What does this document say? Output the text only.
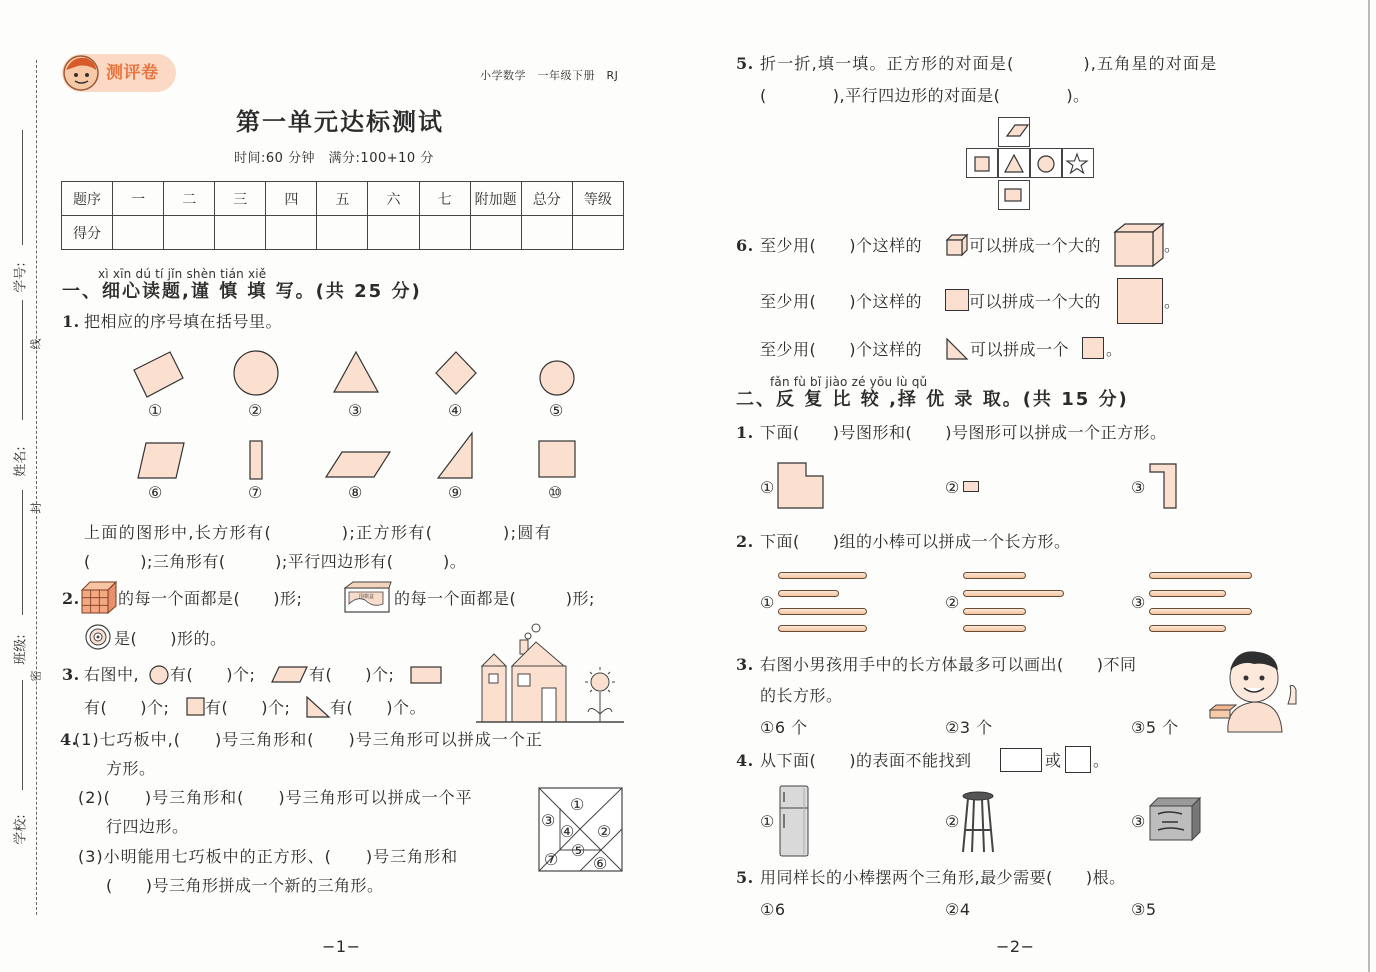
学号:
线
姓名:
封
班级:
密
学校:
测评卷	小学数学　一年级下册　RJ
第一单元达标测试
时间:60 分钟　满分:100+10 分
题序	一	二	三	四	五	六	七	附加题	总分	等级
得分										
xì xīn dú tí jǐn shèn tián xiě
一、细心读题,谨 慎 填 写。(共 25 分)
1. 把相应的序号填在括号里。
①	②	③	④	⑤
⑥	⑦	⑧	⑨	⑩
上面的图形中,长方形有(　　　　);正方形有(　　　　);圆有
(　　　);三角形有(　　　);平行四边形有(　　　)。
2. 的每一个面都是(　　)形;	围棋盒 的每一个面都是(　　　)形;
是(　　)形的。
3. 右图中, 有(　　)个;	有(　　)个;
有(　　)个; 有(　　)个; 有(　　)个。
4.
(1)七巧板中,(　　)号三角形和(　　)号三角形可以拼成一个正
方形。
(2)(　　)号三角形和(　　)号三角形可以拼成一个平
行四边形。
(3)小明能用七巧板中的正方形、(　　)号三角形和
(　　)号三角形拼成一个新的三角形。
①
②
③
④
⑤
⑥
⑦
−1−
5. 折一折,填一填。正方形的对面是(　　　　),五角星的对面是
(　　　　),平行四边形的对面是(　　　　)。
6. 至少用(　　)个这样的	可以拼成一个大的	。
至少用(　　)个这样的	可以拼成一个大的	。
至少用(　　)个这样的	可以拼成一个 。
fǎn fù bǐ jiào zé yōu lù qǔ
二、反 复 比 较 ,择 优 录 取。(共 15 分)
1. 下面(　　)号图形和(　　)号图形可以拼成一个正方形。
①	②	③
2. 下面(　　)组的小棒可以拼成一个长方形。
①	②	③
3. 右图小男孩用手中的长方体最多可以画出(　　)不同
的长方形。
①6 个	②3 个	③5 个
4. 从下面(　　)的表面不能找到	或 。
①	②	③
5. 用同样长的小棒摆两个三角形,最少需要(　　)根。
①6	②4	③5
−2−
